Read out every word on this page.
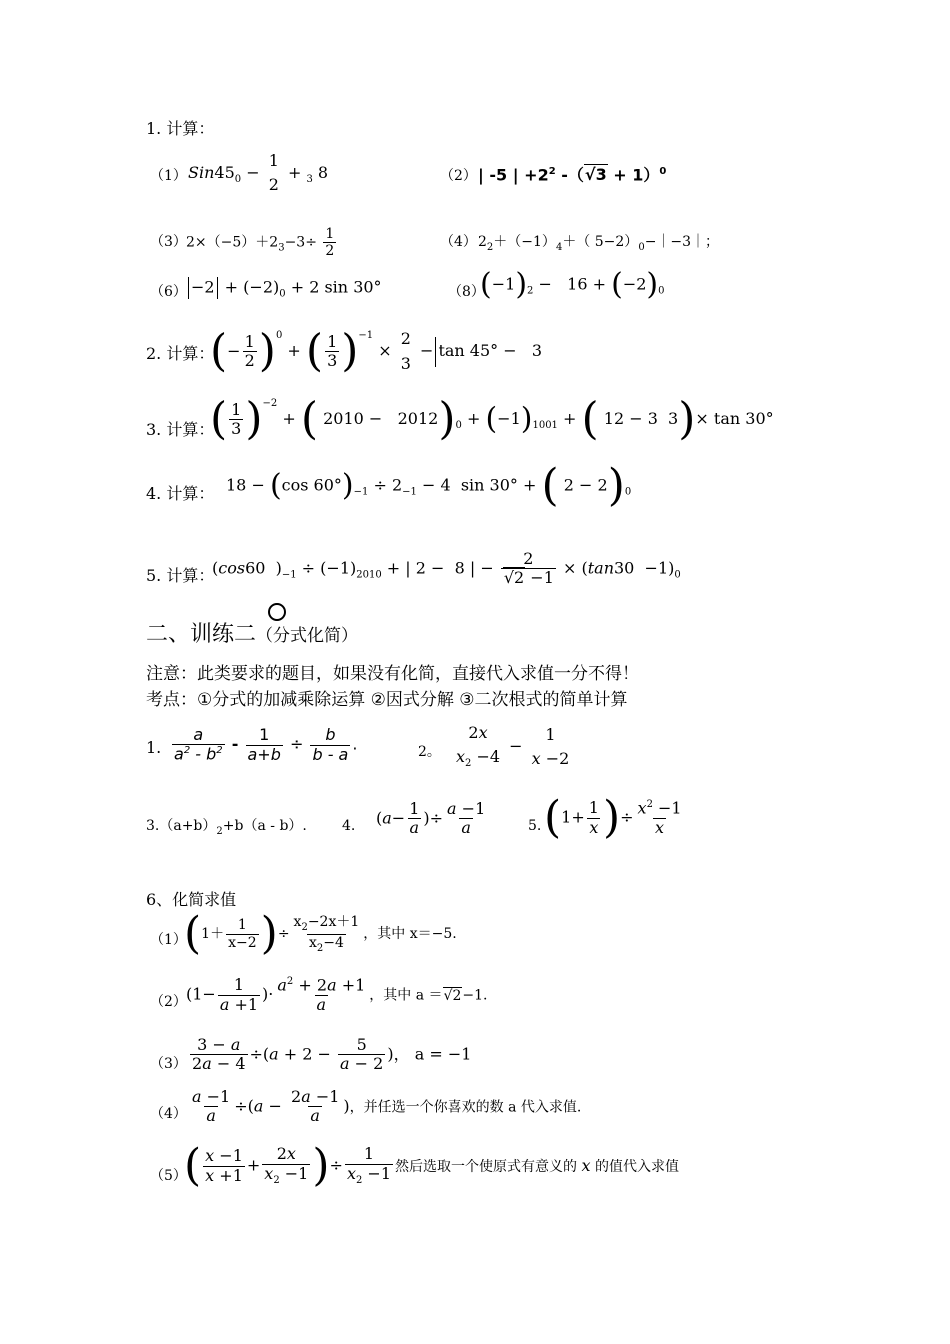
1. 计算：
（1） $Sin45_0$ −
1
2
+ $_3$ 8	（2） | -5 | $+2^2$ $-(√3 + 1)^0$
（3） $2\times(-5)+2_3-3\div \frac{1}{2}$	（4） $2_2+(-1)_4+$（ $5-2)_0-|-3|$；
$(6) -2 + (-2)_0 + 2$ sin 30°	（8）
$(-1)_2 - 16 + (-2)_0$
2. 计算：
(− $\frac{1}{2} )^0$ + ( $\frac{1}{3} )^{-1}$ ×
2
3
− tan 45° −   3
3. 计算：
( $\frac{1}{3} )^{-2}$ + ( $2010 - 2012)_0 + (-1)_{1001}$ + ( 12 − 3  3)× tan 30°
4. 计算： 18 − (cos $60^\circ)_{-1} \div 2_{-1} - 4$  sin 30° + ( $2 - 2)_0$
5. 计算：
(cos60  )$_{-1} \div (-1)_{2010}$ + | 2 −  8 | − $\frac{2}{√2 -1} \times (\tan 30 -1)_0$
二、训练二（分式化简）
注意：此类要求的题目，如果没有化简，直接代入求值一分不得！
考点：①分式的加减乘除运算 ②因式分解 ③二次根式的简单计算
1. $\frac{a}{a^2 - b^2} - \frac{1}{a+b} \div \frac{b}{b - a}$ .	2。
2x
$x_2 -4$
−
1
x −2
$3.(a+b)_2+b(a - b)$.	4. ($a- \frac{1}{a}$ )÷ $\frac{a -1}{a}$	5. ($1+ \frac{1}{x}$ )÷ $\frac{x^2 -1}{x}$
6、化简求值
（1）
($1+ \frac{1}{x-2}$ )÷ $\frac{x_2-2x+1}{x_2-4}$ ，其中 x＝−5.
（2） ($1- \frac{1}{a +1}$ )· $\frac{a^2 + 2a +1}{a}$ ，其中 a ＝√2−1.
$(3) \frac{3 - a}{2a - 4} \div(a + 2 - \frac{5}{a - 2}$ )， a = −1
$(4) \frac{a -1}{a} \div(a - \frac{2a -1}{a}$ )，并任选一个你喜欢的数 a 代入求值.
（5）
( $\frac{x -1}{x +1} + \frac{2x}{x_2 -1}$ )÷ $\frac{1}{x_2 -1}$ 然后选取一个使原式有意义的 x 的值代入求值
